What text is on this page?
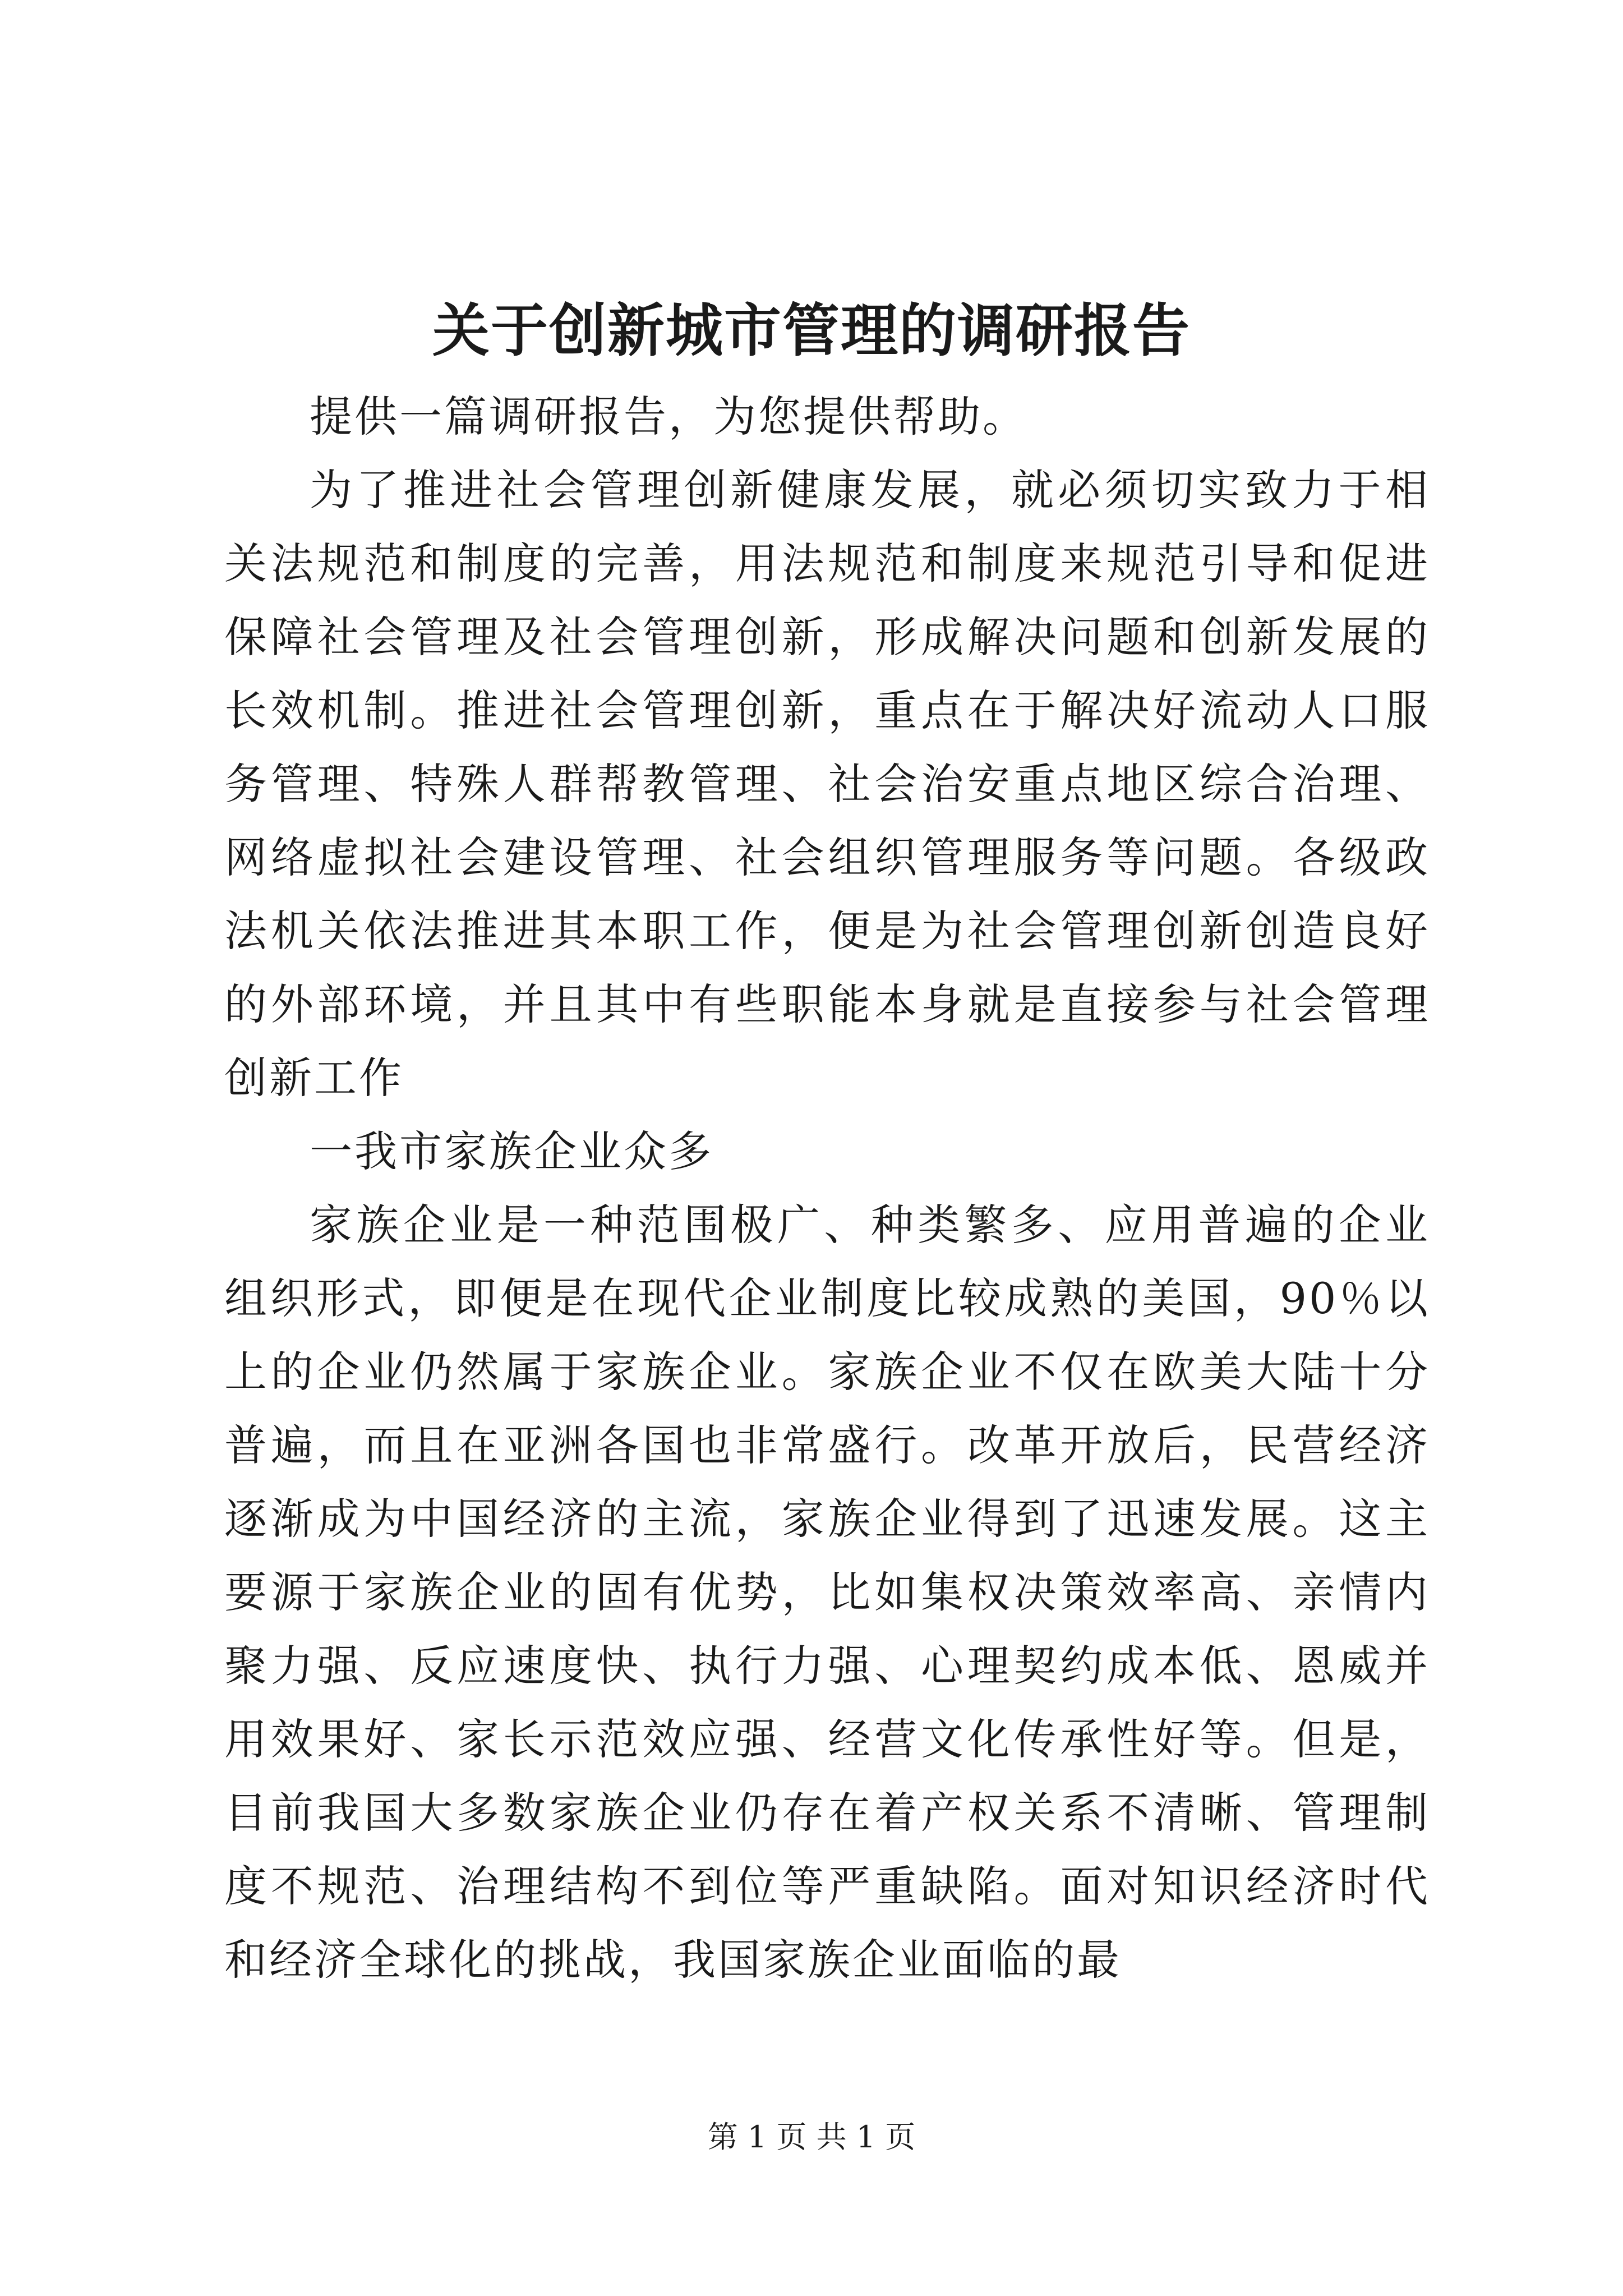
关于创新城市管理的调研报告

提供一篇调研报告，为您提供帮助。

为了推进社会管理创新健康发展，就必须切实致力于相关法规范和制度的完善，用法规范和制度来规范引导和促进保障社会管理及社会管理创新，形成解决问题和创新发展的长效机制。推进社会管理创新，重点在于解决好流动人口服务管理、特殊人群帮教管理、社会治安重点地区综合治理、网络虚拟社会建设管理、社会组织管理服务等问题。各级政法机关依法推进其本职工作，便是为社会管理创新创造良好的外部环境，并且其中有些职能本身就是直接参与社会管理创新工作

一我市家族企业众多

家族企业是一种范围极广、种类繁多、应用普遍的企业组织形式，即便是在现代企业制度比较成熟的美国，90％以上的企业仍然属于家族企业。家族企业不仅在欧美大陆十分普遍，而且在亚洲各国也非常盛行。改革开放后，民营经济逐渐成为中国经济的主流，家族企业得到了迅速发展。这主要源于家族企业的固有优势，比如集权决策效率高、亲情内聚力强、反应速度快、执行力强、心理契约成本低、恩威并用效果好、家长示范效应强、经营文化传承性好等。但是，目前我国大多数家族企业仍存在着产权关系不清晰、管理制度不规范、治理结构不到位等严重缺陷。面对知识经济时代和经济全球化的挑战，我国家族企业面临的最

第 1 页 共 1 页
